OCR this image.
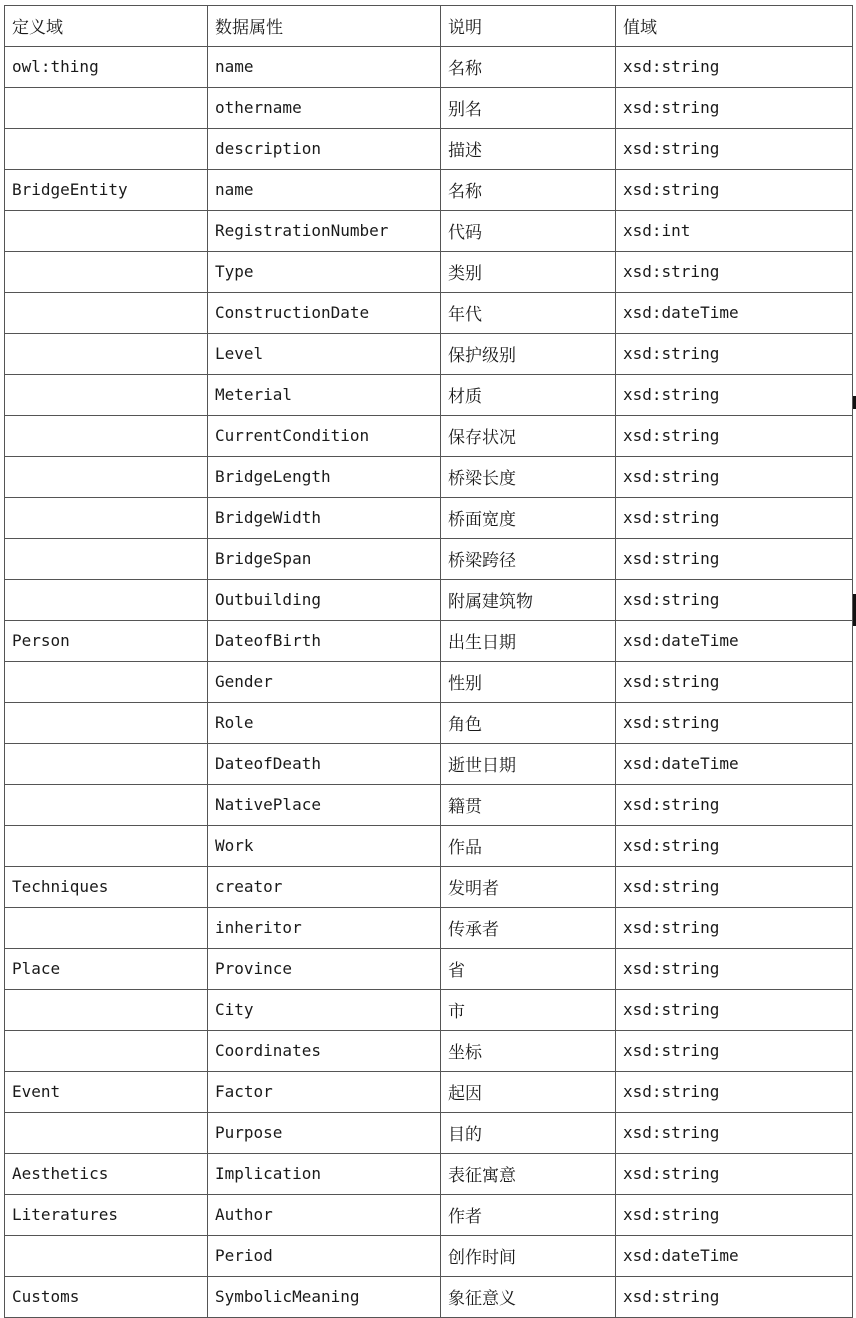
定义域	数据属性	说明	值域
owl:thing	name	名称	xsd:string
	othername	别名	xsd:string
	description	描述	xsd:string
BridgeEntity	name	名称	xsd:string
	RegistrationNumber	代码	xsd:int
	Type	类别	xsd:string
	ConstructionDate	年代	xsd:dateTime
	Level	保护级别	xsd:string
	Meterial	材质	xsd:string
	CurrentCondition	保存状况	xsd:string
	BridgeLength	桥梁长度	xsd:string
	BridgeWidth	桥面宽度	xsd:string
	BridgeSpan	桥梁跨径	xsd:string
	Outbuilding	附属建筑物	xsd:string
Person	DateofBirth	出生日期	xsd:dateTime
	Gender	性别	xsd:string
	Role	角色	xsd:string
	DateofDeath	逝世日期	xsd:dateTime
	NativePlace	籍贯	xsd:string
	Work	作品	xsd:string
Techniques	creator	发明者	xsd:string
	inheritor	传承者	xsd:string
Place	Province	省	xsd:string
	City	市	xsd:string
	Coordinates	坐标	xsd:string
Event	Factor	起因	xsd:string
	Purpose	目的	xsd:string
Aesthetics	Implication	表征寓意	xsd:string
Literatures	Author	作者	xsd:string
	Period	创作时间	xsd:dateTime
Customs	SymbolicMeaning	象征意义	xsd:string
